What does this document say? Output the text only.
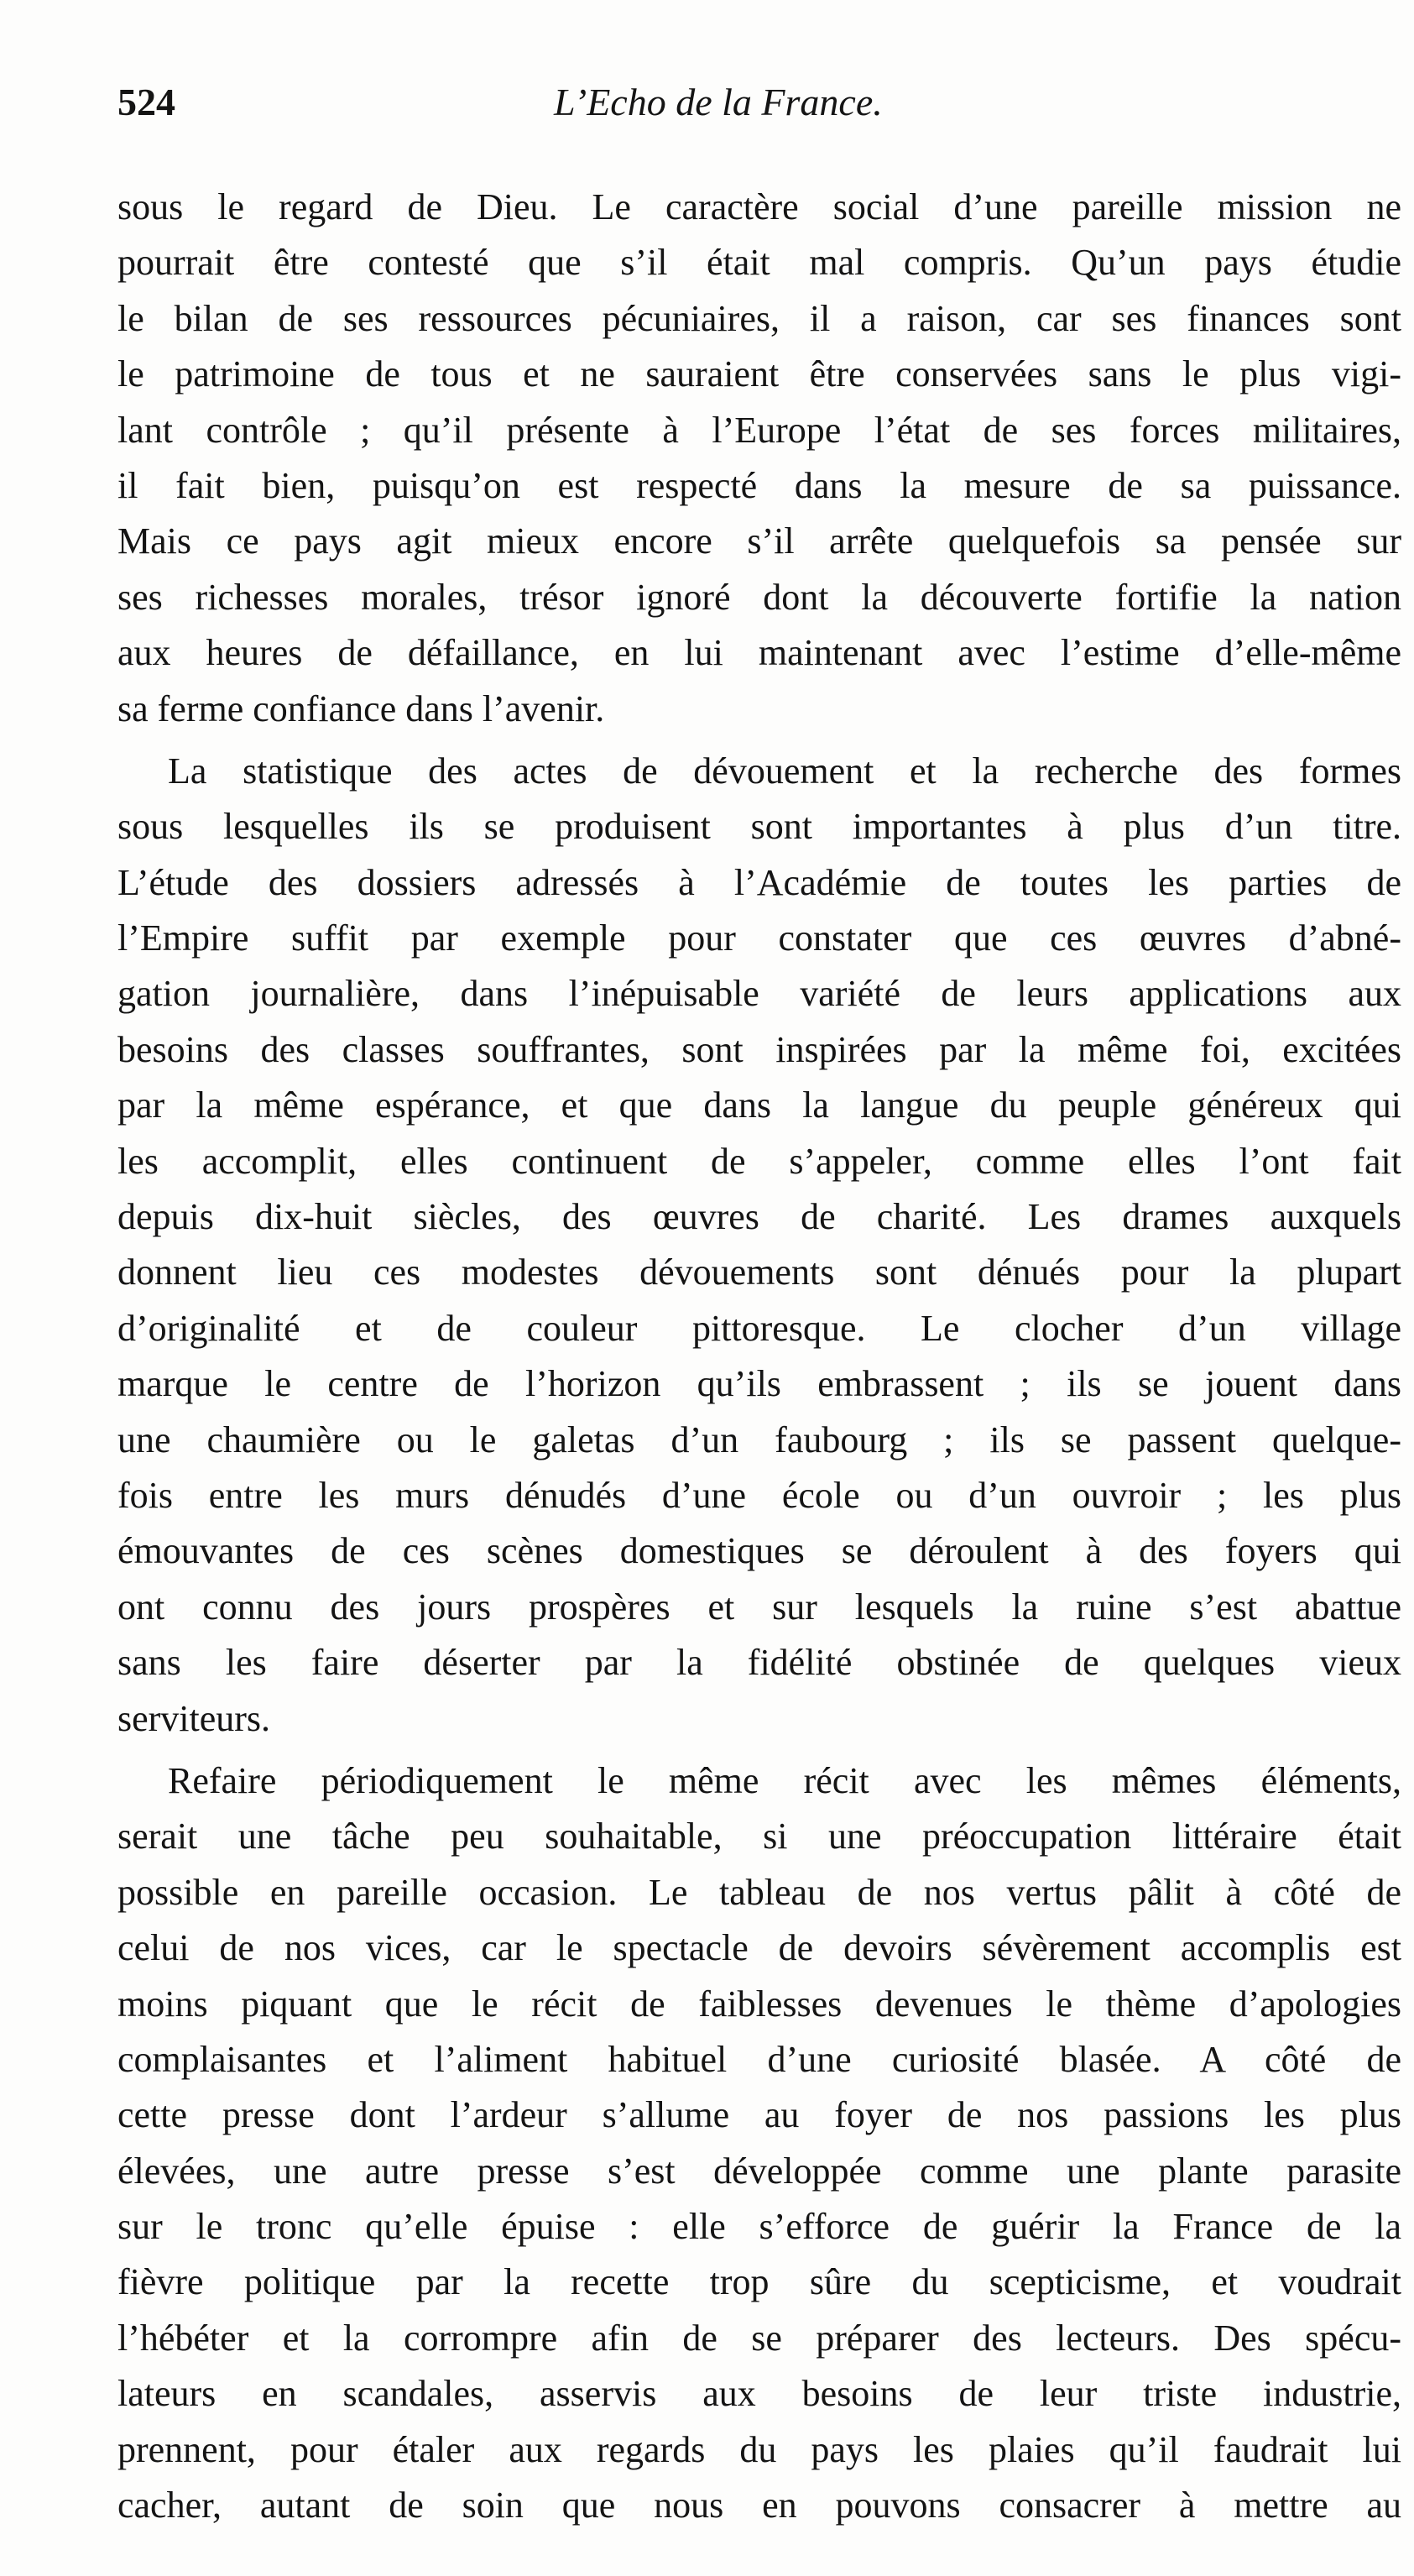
524	L’Echo de la France.
sous le regard de Dieu. Le caractère social d’une pareille mission ne
pourrait être contesté que s’il était mal compris. Qu’un pays étudie
le bilan de ses ressources pécuniaires, il a raison, car ses finances sont
le patrimoine de tous et ne sauraient être conservées sans le plus vigi-
lant contrôle ; qu’il présente à l’Europe l’état de ses forces militaires,
il fait bien, puisqu’on est respecté dans la mesure de sa puissance.
Mais ce pays agit mieux encore s’il arrête quelquefois sa pensée sur
ses richesses morales, trésor ignoré dont la découverte fortifie la nation
aux heures de défaillance, en lui maintenant avec l’estime d’elle-même
sa ferme confiance dans l’avenir.
La statistique des actes de dévouement et la recherche des formes
sous lesquelles ils se produisent sont importantes à plus d’un titre.
L’étude des dossiers adressés à l’Académie de toutes les parties de
l’Empire suffit par exemple pour constater que ces œuvres d’abné-
gation journalière, dans l’inépuisable variété de leurs applications aux
besoins des classes souffrantes, sont inspirées par la même foi, excitées
par la même espérance, et que dans la langue du peuple généreux qui
les accomplit, elles continuent de s’appeler, comme elles l’ont fait
depuis dix-huit siècles, des œuvres de charité. Les drames auxquels
donnent lieu ces modestes dévouements sont dénués pour la plupart
d’originalité et de couleur pittoresque. Le clocher d’un village
marque le centre de l’horizon qu’ils embrassent ; ils se jouent dans
une chaumière ou le galetas d’un faubourg ; ils se passent quelque-
fois entre les murs dénudés d’une école ou d’un ouvroir ; les plus
émouvantes de ces scènes domestiques se déroulent à des foyers qui
ont connu des jours prospères et sur lesquels la ruine s’est abattue
sans les faire déserter par la fidélité obstinée de quelques vieux
serviteurs.
Refaire périodiquement le même récit avec les mêmes éléments,
serait une tâche peu souhaitable, si une préoccupation littéraire était
possible en pareille occasion. Le tableau de nos vertus pâlit à côté de
celui de nos vices, car le spectacle de devoirs sévèrement accomplis est
moins piquant que le récit de faiblesses devenues le thème d’apologies
complaisantes et l’aliment habituel d’une curiosité blasée. A côté de
cette presse dont l’ardeur s’allume au foyer de nos passions les plus
élevées, une autre presse s’est développée comme une plante parasite
sur le tronc qu’elle épuise : elle s’efforce de guérir la France de la
fièvre politique par la recette trop sûre du scepticisme, et voudrait
l’hébéter et la corrompre afin de se préparer des lecteurs. Des spécu-
lateurs en scandales, asservis aux besoins de leur triste industrie,
prennent, pour étaler aux regards du pays les plaies qu’il faudrait lui
cacher, autant de soin que nous en pouvons consacrer à mettre au
